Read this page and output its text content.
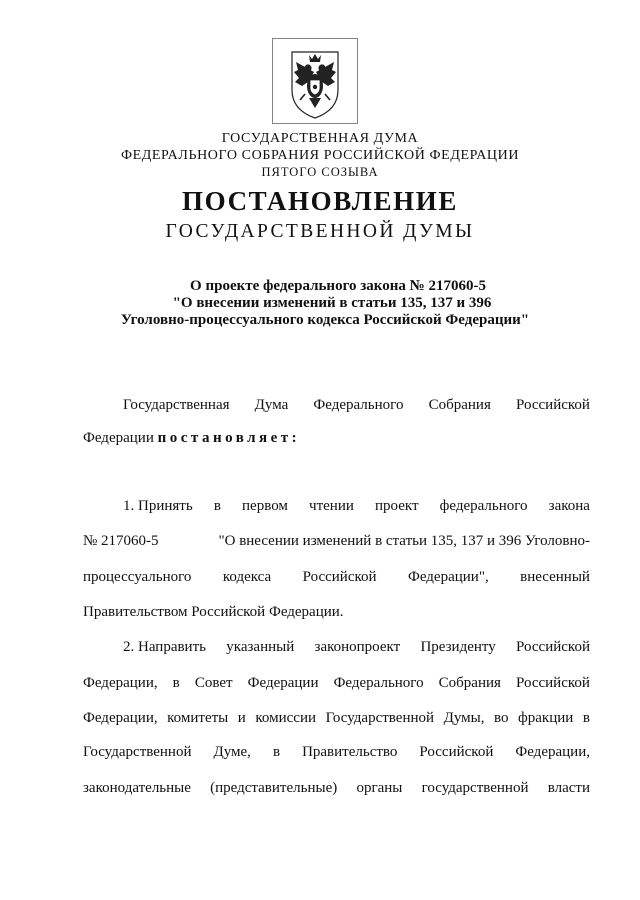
ГОСУДАРСТВЕННАЯ ДУМА
ФЕДЕРАЛЬНОГО СОБРАНИЯ РОССИЙСКОЙ ФЕДЕРАЦИИ
ПЯТОГО СОЗЫВА
ПОСТАНОВЛЕНИЕ
ГОСУДАРСТВЕННОЙ ДУМЫ
О проекте федерального закона № 217060-5
"О внесении изменений в статьи 135, 137 и 396
Уголовно-процессуального кодекса Российской Федерации"
Государственная Дума Федерального Собрания Российской
Федерации постановляет:
1. Принять в первом чтении проект федерального закона
№ 217060-5	"О внесении изменений в статьи 135, 137 и 396 Уголовно-
процессуального кодекса Российской Федерации", внесенный
Правительством Российской Федерации.
2. Направить указанный законопроект Президенту Российской
Федерации, в Совет Федерации Федерального Собрания Российской
Федерации, комитеты и комиссии Государственной Думы, во фракции в
Государственной Думе, в Правительство Российской Федерации,
законодательные (представительные) органы государственной власти
